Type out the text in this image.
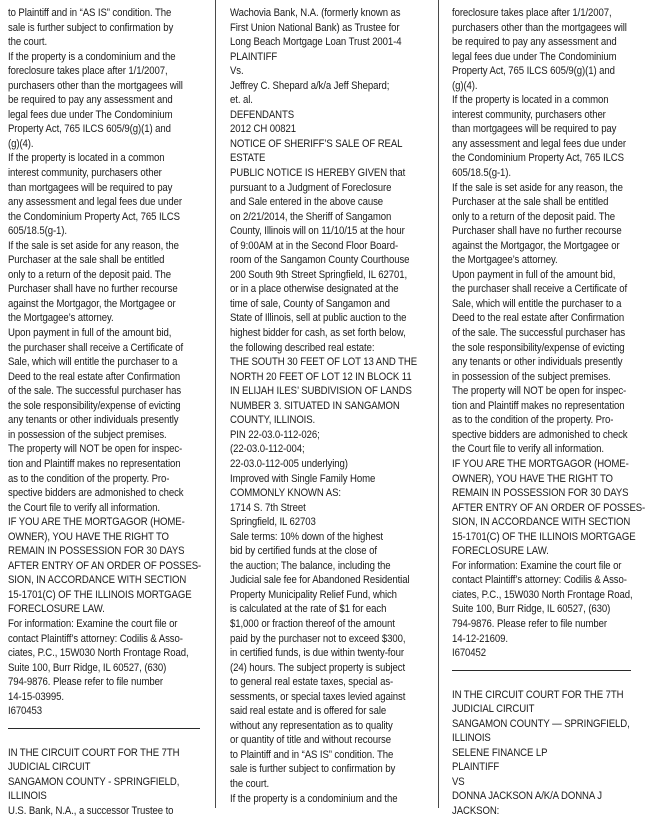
to Plaintiff and in “AS IS” condition. The
sale is further subject to confirmation by
the court.
If the property is a condominium and the
foreclosure takes place after 1/1/2007,
purchasers other than the mortgagees will
be required to pay any assessment and
legal fees due under The Condominium
Property Act, 765 ILCS 605/9(g)(1) and
(g)(4).
If the property is located in a common
interest community, purchasers other
than mortgagees will be required to pay
any assessment and legal fees due under
the Condominium Property Act, 765 ILCS
605/18.5(g-1).
If the sale is set aside for any reason, the
Purchaser at the sale shall be entitled
only to a return of the deposit paid. The
Purchaser shall have no further recourse
against the Mortgagor, the Mortgagee or
the Mortgagee’s attorney.
Upon payment in full of the amount bid,
the purchaser shall receive a Certificate of
Sale, which will entitle the purchaser to a
Deed to the real estate after Confirmation
of the sale. The successful purchaser has
the sole responsibility/expense of evicting
any tenants or other individuals presently
in possession of the subject premises.
The property will NOT be open for inspec-
tion and Plaintiff makes no representation
as to the condition of the property. Pro-
spective bidders are admonished to check
the Court file to verify all information.
IF YOU ARE THE MORTGAGOR (HOME-
OWNER), YOU HAVE THE RIGHT TO
REMAIN IN POSSESSION FOR 30 DAYS
AFTER ENTRY OF AN ORDER OF POSSES-
SION, IN ACCORDANCE WITH SECTION
15-1701(C) OF THE ILLINOIS MORTGAGE
FORECLOSURE LAW.
For information: Examine the court file or
contact Plaintiff’s attorney: Codilis & Asso-
ciates, P.C., 15W030 North Frontage Road,
Suite 100, Burr Ridge, IL 60527, (630)
794-9876. Please refer to file number
14-15-03995.
I670453
IN THE CIRCUIT COURT FOR THE 7TH
JUDICIAL CIRCUIT
SANGAMON COUNTY - SPRINGFIELD,
ILLINOIS
U.S. Bank, N.A., a successor Trustee to
Wachovia Bank, N.A. (formerly known as
First Union National Bank) as Trustee for
Long Beach Mortgage Loan Trust 2001-4
PLAINTIFF
Vs.
Jeffrey C. Shepard a/k/a Jeff Shepard;
et. al.
DEFENDANTS
2012 CH 00821
NOTICE OF SHERIFF’S SALE OF REAL
ESTATE
PUBLIC NOTICE IS HEREBY GIVEN that
pursuant to a Judgment of Foreclosure
and Sale entered in the above cause
on 2/21/2014, the Sheriff of Sangamon
County, Illinois will on 11/10/15 at the hour
of 9:00AM at in the Second Floor Board-
room of the Sangamon County Courthouse
200 South 9th Street Springfield, IL 62701,
or in a place otherwise designated at the
time of sale, County of Sangamon and
State of Illinois, sell at public auction to the
highest bidder for cash, as set forth below,
the following described real estate:
THE SOUTH 30 FEET OF LOT 13 AND THE
NORTH 20 FEET OF LOT 12 IN BLOCK 11
IN ELIJAH ILES’ SUBDIVISION OF LANDS
NUMBER 3. SITUATED IN SANGAMON
COUNTY, ILLINOIS.
PIN 22-03.0-112-026;
(22-03.0-112-004;
22-03.0-112-005 underlying)
Improved with Single Family Home
COMMONLY KNOWN AS:
1714 S. 7th Street
Springfield, IL 62703
Sale terms: 10% down of the highest
bid by certified funds at the close of
the auction; The balance, including the
Judicial sale fee for Abandoned Residential
Property Municipality Relief Fund, which
is calculated at the rate of $1 for each
$1,000 or fraction thereof of the amount
paid by the purchaser not to exceed $300,
in certified funds, is due within twenty-four
(24) hours. The subject property is subject
to general real estate taxes, special as-
sessments, or special taxes levied against
said real estate and is offered for sale
without any representation as to quality
or quantity of title and without recourse
to Plaintiff and in “AS IS” condition. The
sale is further subject to confirmation by
the court.
If the property is a condominium and the
foreclosure takes place after 1/1/2007,
purchasers other than the mortgagees will
be required to pay any assessment and
legal fees due under The Condominium
Property Act, 765 ILCS 605/9(g)(1) and
(g)(4).
If the property is located in a common
interest community, purchasers other
than mortgagees will be required to pay
any assessment and legal fees due under
the Condominium Property Act, 765 ILCS
605/18.5(g-1).
If the sale is set aside for any reason, the
Purchaser at the sale shall be entitled
only to a return of the deposit paid. The
Purchaser shall have no further recourse
against the Mortgagor, the Mortgagee or
the Mortgagee’s attorney.
Upon payment in full of the amount bid,
the purchaser shall receive a Certificate of
Sale, which will entitle the purchaser to a
Deed to the real estate after Confirmation
of the sale. The successful purchaser has
the sole responsibility/expense of evicting
any tenants or other individuals presently
in possession of the subject premises.
The property will NOT be open for inspec-
tion and Plaintiff makes no representation
as to the condition of the property. Pro-
spective bidders are admonished to check
the Court file to verify all information.
IF YOU ARE THE MORTGAGOR (HOME-
OWNER), YOU HAVE THE RIGHT TO
REMAIN IN POSSESSION FOR 30 DAYS
AFTER ENTRY OF AN ORDER OF POSSES-
SION, IN ACCORDANCE WITH SECTION
15-1701(C) OF THE ILLINOIS MORTGAGE
FORECLOSURE LAW.
For information: Examine the court file or
contact Plaintiff’s attorney: Codilis & Asso-
ciates, P.C., 15W030 North Frontage Road,
Suite 100, Burr Ridge, IL 60527, (630)
794-9876. Please refer to file number
14-12-21609.
I670452
IN THE CIRCUIT COURT FOR THE 7TH
JUDICIAL CIRCUIT
SANGAMON COUNTY — SPRINGFIELD,
ILLINOIS
SELENE FINANCE LP
PLAINTIFF
VS
DONNA JACKSON A/K/A DONNA J
JACKSON:
